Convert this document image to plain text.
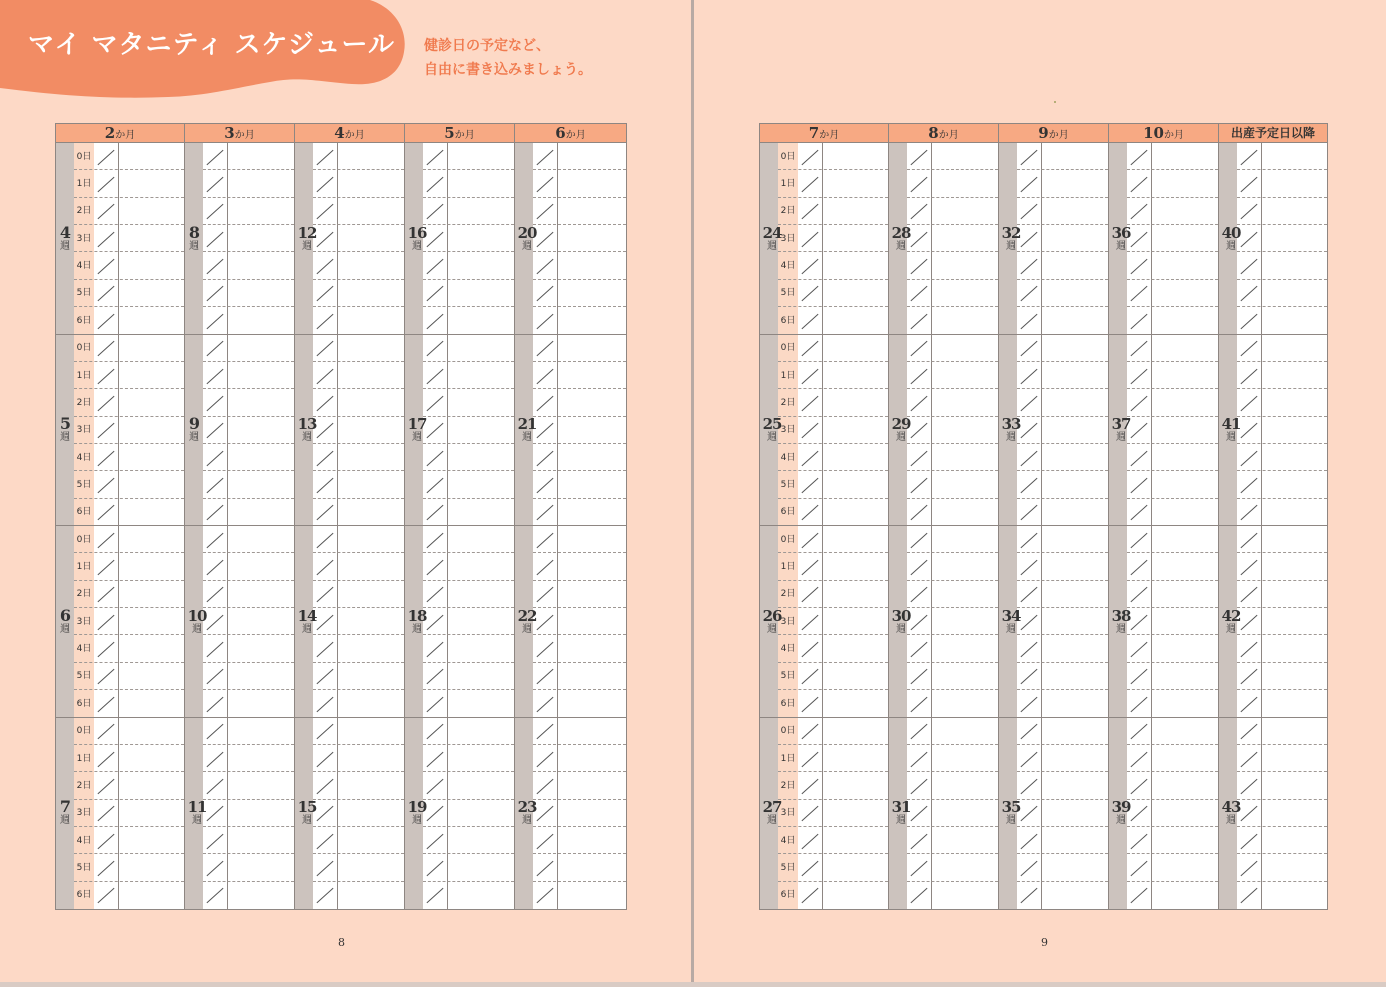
マイ マタニティ スケジュール 健診日の予定など、
自由に書き込みましょう。
2か月
0日
1日
2日
3日
4日
5日
6日
4
週
0日
1日
2日
3日
4日
5日
6日
5
週
0日
1日
2日
3日
4日
5日
6日
6
週
0日
1日
2日
3日
4日
5日
6日
7
週
3か月
8
週
9
週
10
週
11
週
4か月
12
週
13
週
14
週
15
週
5か月
16
週
17
週
18
週
19
週
6か月
20
週
21
週
22
週
23
週
8
7か月
0日
1日
2日
3日
4日
5日
6日
24
週
0日
1日
2日
3日
4日
5日
6日
25
週
0日
1日
2日
3日
4日
5日
6日
26
週
0日
1日
2日
3日
4日
5日
6日
27
週
8か月
28
週
29
週
30
週
31
週
9か月
32
週
33
週
34
週
35
週
10か月
36
週
37
週
38
週
39
週
出産予定日以降
40
週
41
週
42
週
43
週
9
